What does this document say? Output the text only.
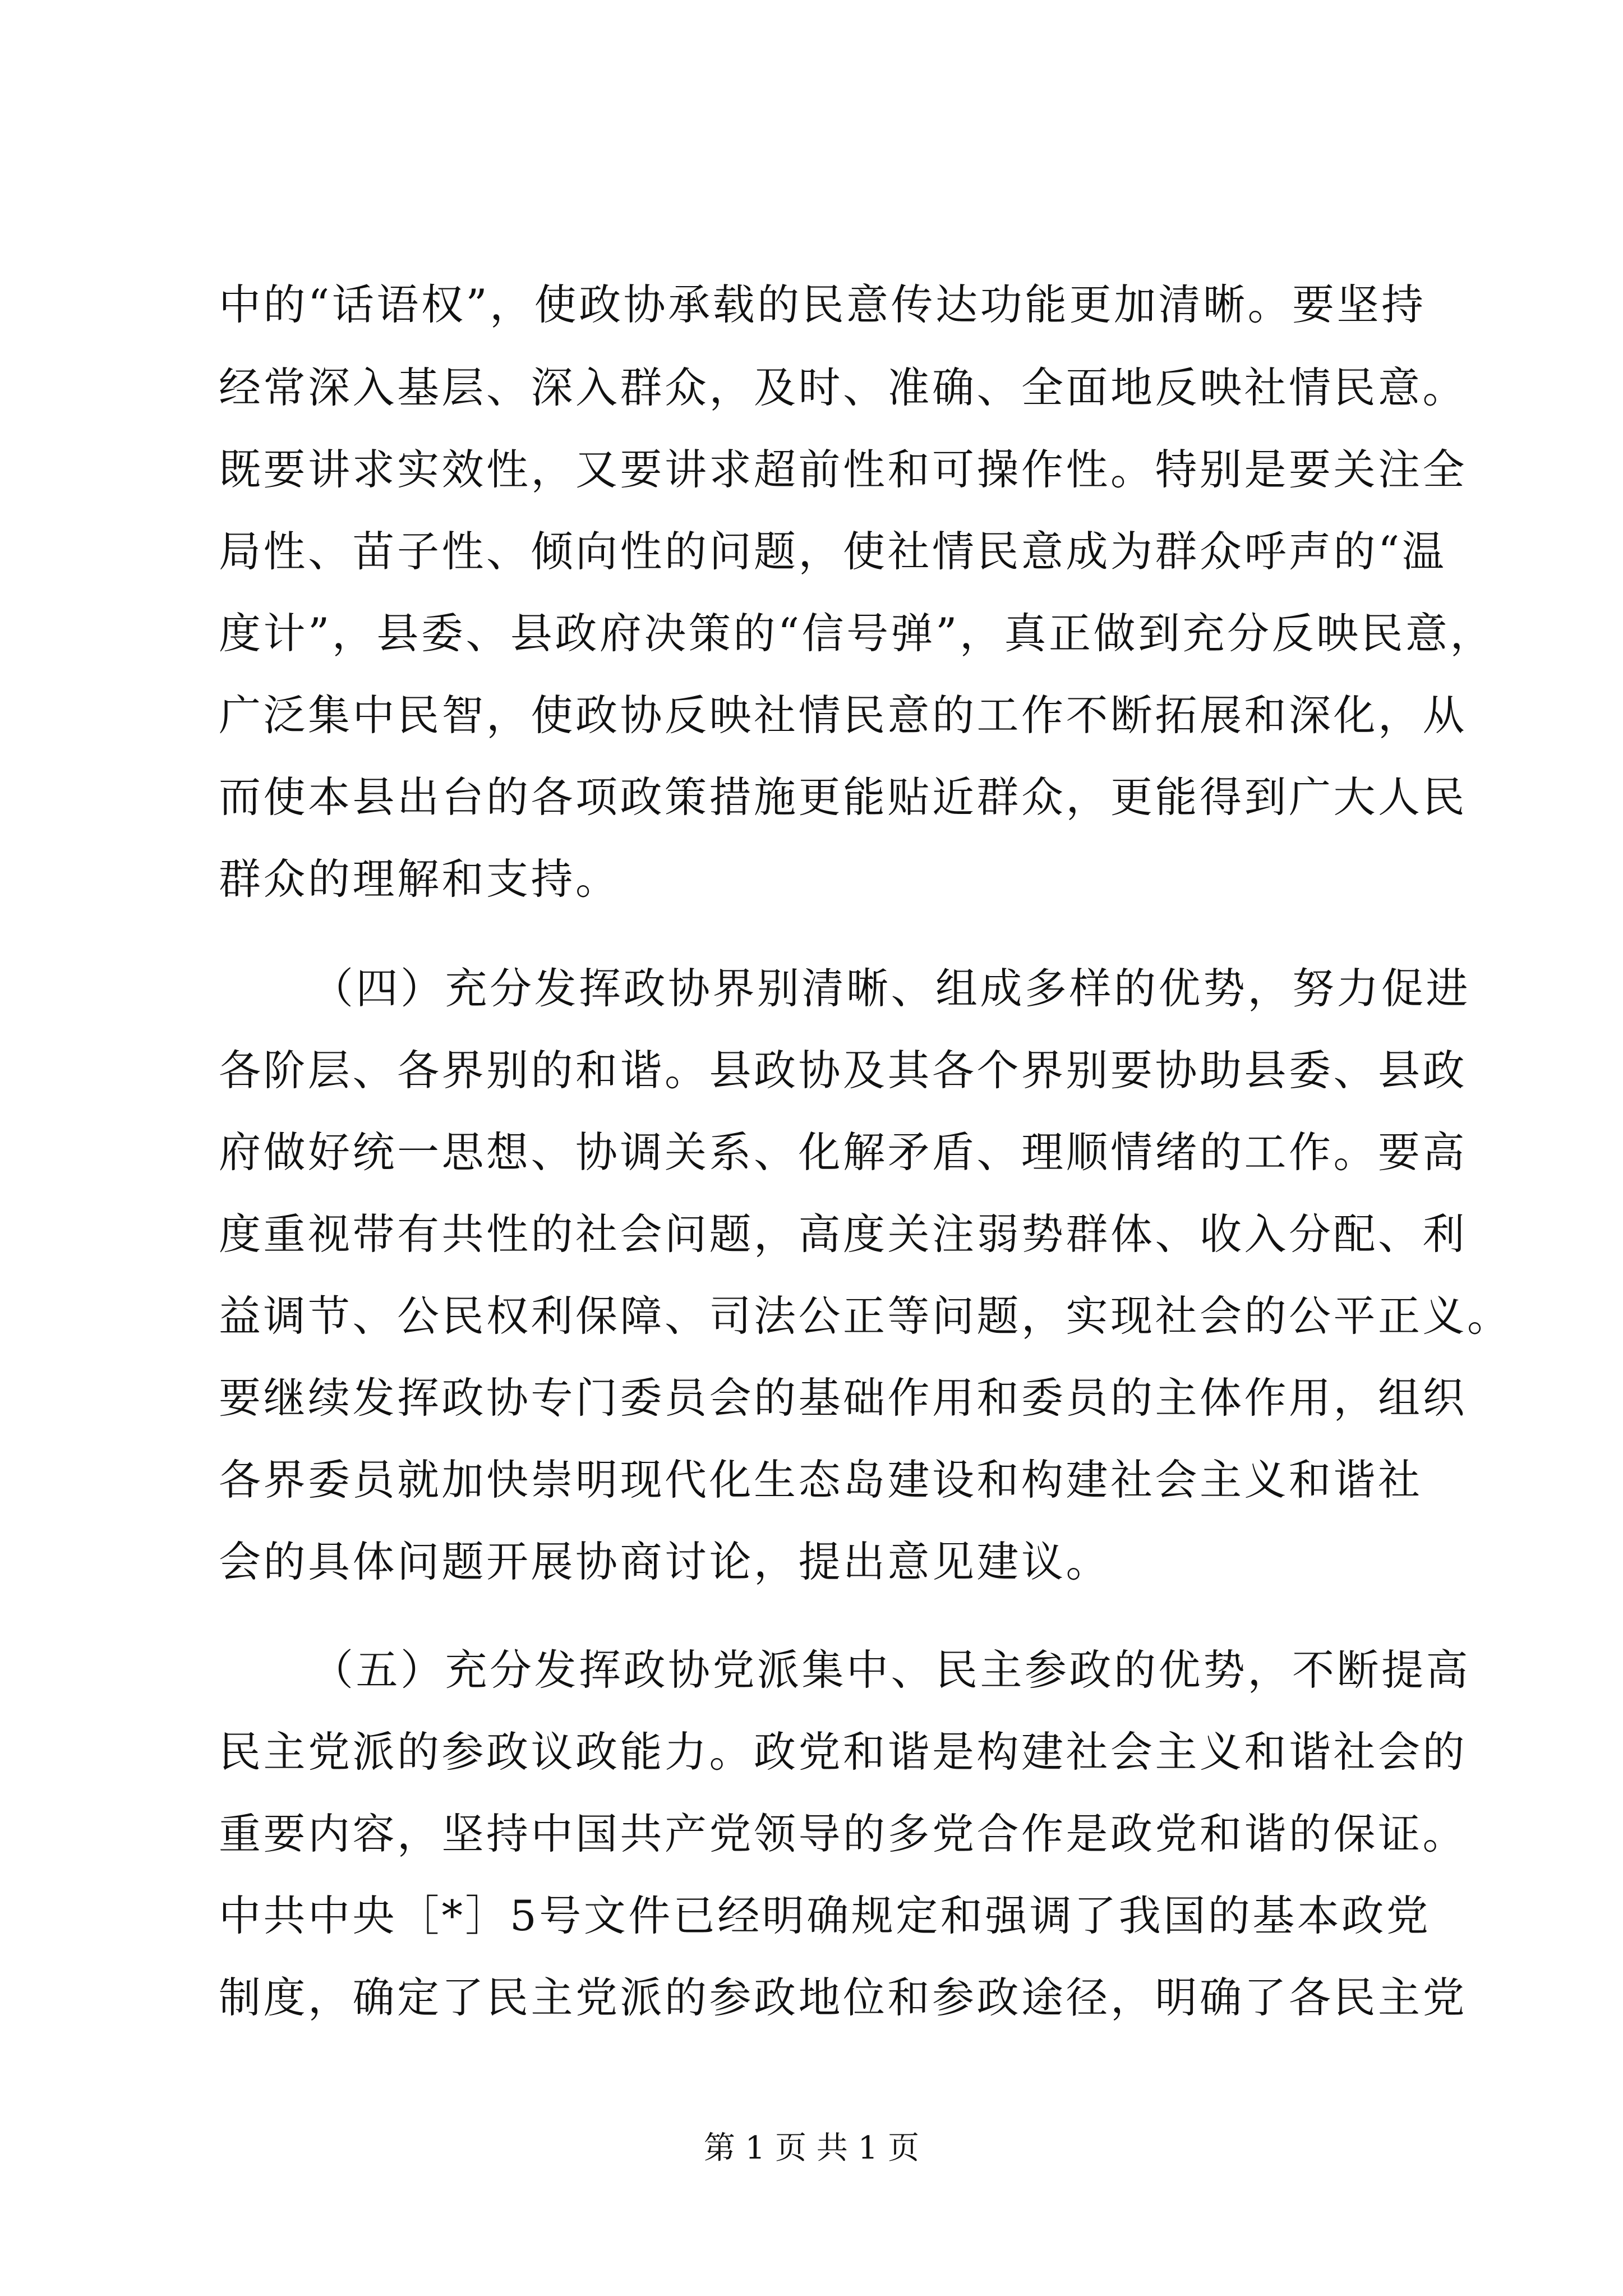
中的“话语权”，使政协承载的民意传达功能更加清晰。要坚持
经常深入基层、深入群众，及时、准确、全面地反映社情民意。
既要讲求实效性，又要讲求超前性和可操作性。特别是要关注全
局性、苗子性、倾向性的问题，使社情民意成为群众呼声的“温
度计”，县委、县政府决策的“信号弹”，真正做到充分反映民意，
广泛集中民智，使政协反映社情民意的工作不断拓展和深化，从
而使本县出台的各项政策措施更能贴近群众，更能得到广大人民
群众的理解和支持。
（四）充分发挥政协界别清晰、组成多样的优势，努力促进
各阶层、各界别的和谐。县政协及其各个界别要协助县委、县政
府做好统一思想、协调关系、化解矛盾、理顺情绪的工作。要高
度重视带有共性的社会问题，高度关注弱势群体、收入分配、利
益调节、公民权利保障、司法公正等问题，实现社会的公平正义。
要继续发挥政协专门委员会的基础作用和委员的主体作用，组织
各界委员就加快崇明现代化生态岛建设和构建社会主义和谐社
会的具体问题开展协商讨论，提出意见建议。
（五）充分发挥政协党派集中、民主参政的优势，不断提高
民主党派的参政议政能力。政党和谐是构建社会主义和谐社会的
重要内容，坚持中国共产党领导的多党合作是政党和谐的保证。
中共中央［*］5号文件已经明确规定和强调了我国的基本政党
制度，确定了民主党派的参政地位和参政途径，明确了各民主党
第 1 页 共 1 页
